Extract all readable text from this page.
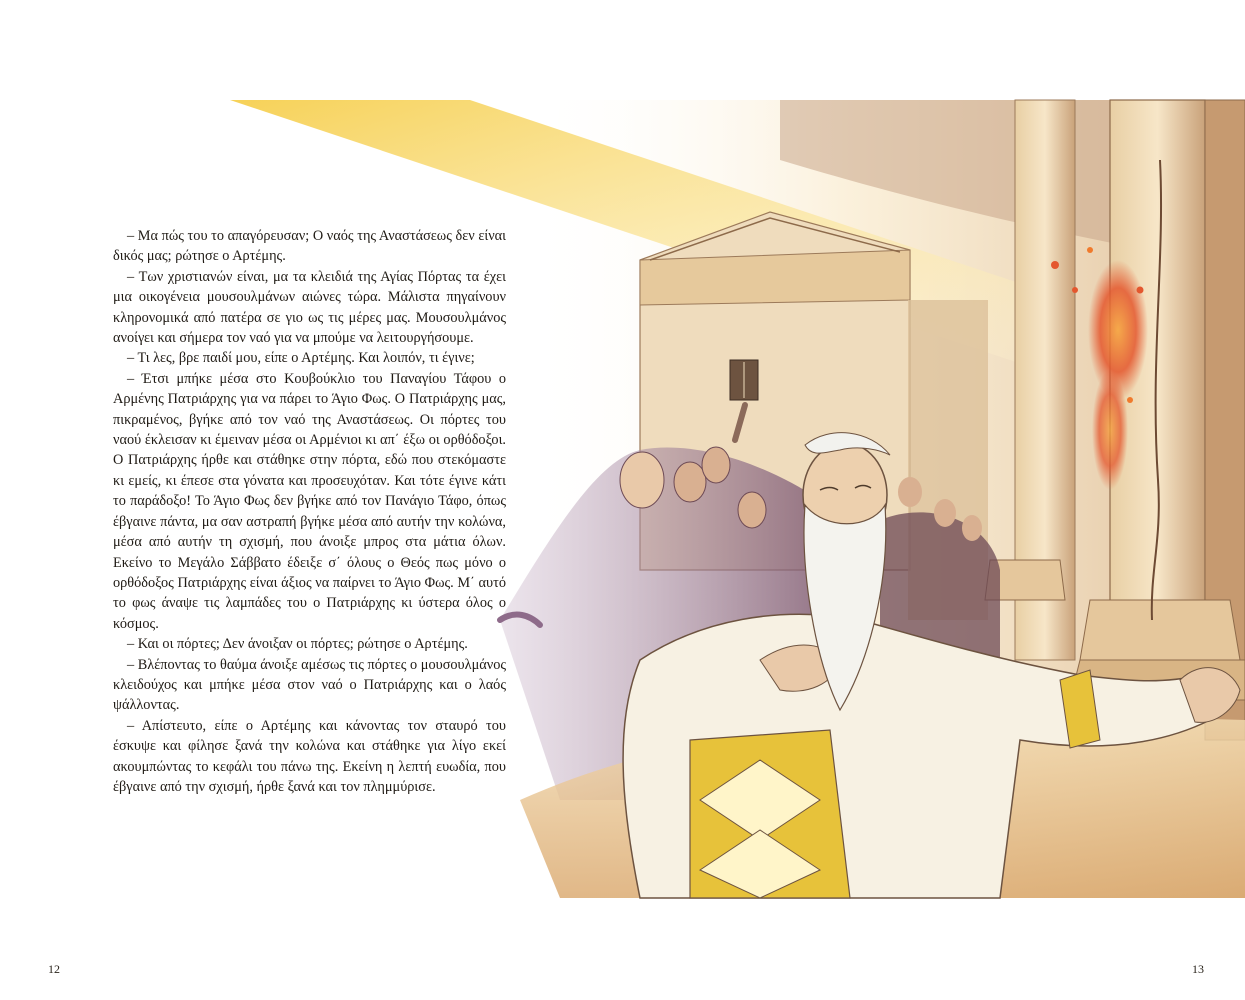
– Μα πώς του το απαγόρευσαν; Ο ναός της Αναστάσεως δεν είναι δικός μας; ρώτησε ο Αρτέμης.

– Των χριστιανών είναι, μα τα κλειδιά της Αγίας Πόρτας τα έχει μια οικογένεια μουσουλμάνων αιώνες τώρα. Μάλιστα πηγαίνουν κληρονομικά από πατέρα σε γιο ως τις μέρες μας. Μουσουλμάνος ανοίγει και σήμερα τον ναό για να μπούμε να λειτουργήσουμε.

– Τι λες, βρε παιδί μου, είπε ο Αρτέμης. Και λοιπόν, τι έγινε;

– Έτσι μπήκε μέσα στο Κουβούκλιο του Παναγίου Τάφου ο Αρμένης Πατριάρχης για να πάρει το Άγιο Φως. Ο Πατριάρχης μας, πικραμένος, βγήκε από τον ναό της Αναστάσεως. Οι πόρτες του ναού έκλεισαν κι έμειναν μέσα οι Αρμένιοι κι απ΄ έξω οι ορθόδοξοι. Ο Πατριάρχης ήρθε και στάθηκε στην πόρτα, εδώ που στεκόμαστε κι εμείς, κι έπεσε στα γόνατα και προσευχόταν. Και τότε έγινε κάτι το παράδοξο! Το Άγιο Φως δεν βγήκε από τον Πανάγιο Τάφο, όπως έβγαινε πάντα, μα σαν αστραπή βγήκε μέσα από αυτήν την κολώνα, μέσα από αυτήν τη σχισμή, που άνοιξε μπρος στα μάτια όλων. Εκείνο το Μεγάλο Σάββατο έδειξε σ΄ όλους ο Θεός πως μόνο ο ορθόδοξος Πατριάρχης είναι άξιος να παίρνει το Άγιο Φως. Μ΄ αυτό το φως άναψε τις λαμπάδες του ο Πατριάρχης κι ύστερα όλος ο κόσμος.

– Και οι πόρτες; Δεν άνοιξαν οι πόρτες; ρώτησε ο Αρτέμης.

– Βλέποντας το θαύμα άνοιξε αμέσως τις πόρτες ο μουσουλμάνος κλειδούχος και μπήκε μέσα στον ναό ο Πατριάρχης και ο λαός ψάλλοντας.

– Απίστευτο, είπε ο Αρτέμης και κάνοντας τον σταυρό του έσκυψε και φίλησε ξανά την κολώνα και στάθηκε για λίγο εκεί ακουμπώντας το κεφάλι του πάνω της. Εκείνη η λεπτή ευωδία, που έβγαινε από την σχισμή, ήρθε ξανά και τον πλημμύρισε.

12	13
